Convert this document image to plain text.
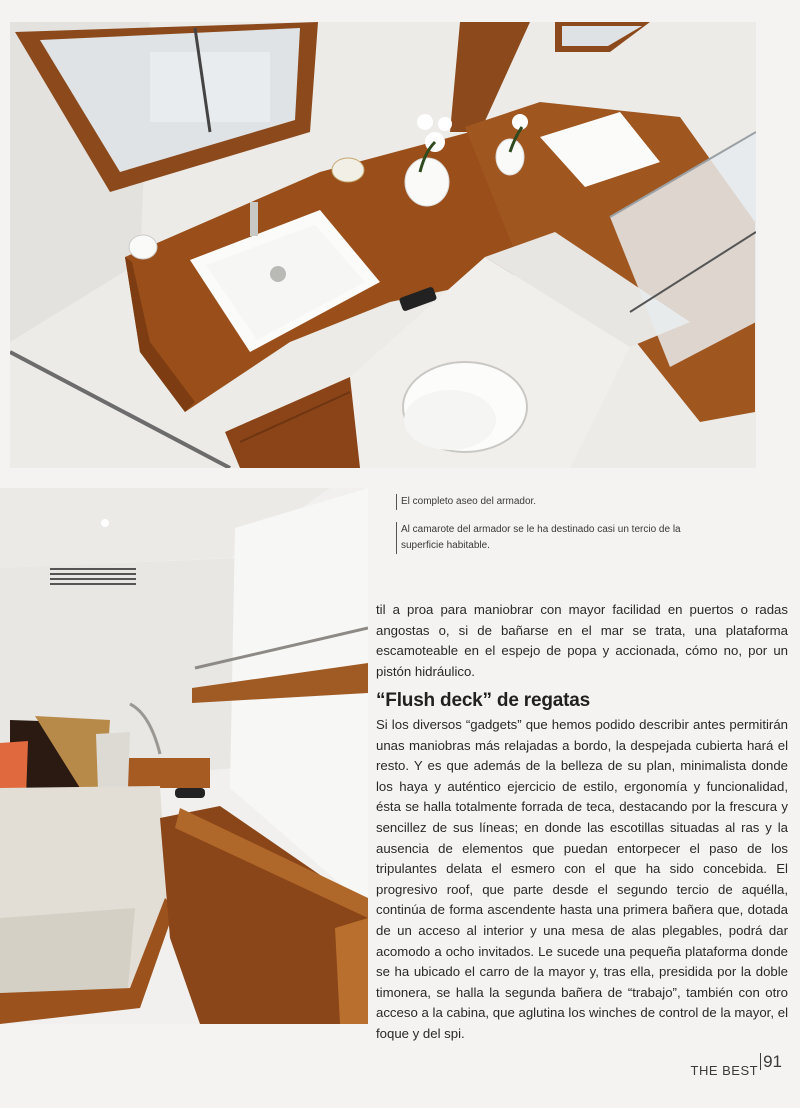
El completo aseo del armador.
Al camarote del armador se le ha destinado casi un tercio de la superficie habitable.
til a proa para maniobrar con mayor facilidad en puertos o radas angostas o, si de bañarse en el mar se trata, una plataforma escamoteable en el espejo de popa y accionada, cómo no, por un pistón hidráulico.
“Flush deck” de regatas
Si los diversos “gadgets” que hemos podido describir antes permitirán unas maniobras más relajadas a bordo, la despejada cubierta hará el resto. Y es que además de la belleza de su plan, minimalista donde los haya y auténtico ejercicio de estilo, ergonomía y funcionalidad, ésta se halla totalmente forrada de teca, destacando por la frescura y sencillez de sus líneas; en donde las escotillas situadas al ras y la ausencia de elementos que puedan entorpecer el paso de los tripulantes delata el esmero con el que ha sido concebida. El progresivo roof, que parte desde el segundo tercio de aquélla, continúa de forma ascendente hasta una primera bañera que, dotada de un acceso al interior y una mesa de alas plegables, podrá dar acomodo a ocho invitados. Le sucede una pequeña plataforma donde se ha ubicado el carro de la mayor y, tras ella, presidida por la doble timonera, se halla la segunda bañera de “trabajo”, también con otro acceso a la cabina, que aglutina los winches de control de la mayor, el foque y del spi.
THE BEST 91
